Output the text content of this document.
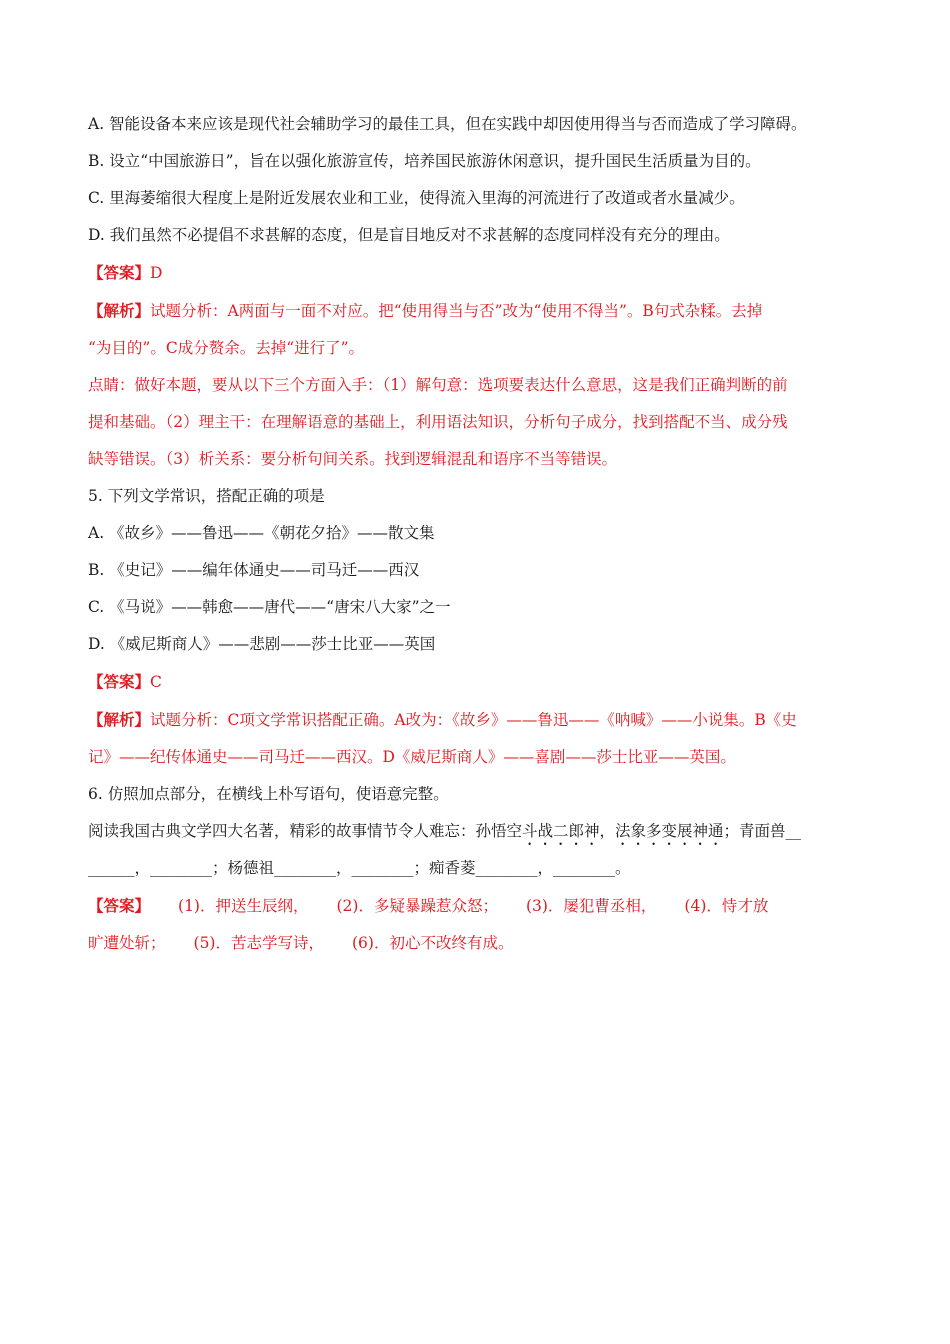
A. 智能设备本来应该是现代社会辅助学习的最佳工具，但在实践中却因使用得当与否而造成了学习障碍。
B. 设立“中国旅游日”，旨在以强化旅游宣传，培养国民旅游休闲意识，提升国民生活质量为目的。
C. 里海萎缩很大程度上是附近发展农业和工业，使得流入里海的河流进行了改道或者水量减少。
D. 我们虽然不必提倡不求甚解的态度，但是盲目地反对不求甚解的态度同样没有充分的理由。
【答案】D
【解析】试题分析：A两面与一面不对应。把“使用得当与否”改为“使用不得当”。B句式杂糅。去掉
“为目的”。C成分赘余。去掉“进行了”。
点睛：做好本题，要从以下三个方面入手：（1）解句意：选项要表达什么意思，这是我们正确判断的前
提和基础。（2）理主干：在理解语意的基础上，利用语法知识，分析句子成分，找到搭配不当、成分残
缺等错误。（3）析关系：要分析句间关系。找到逻辑混乱和语序不当等错误。
5. 下列文学常识，搭配正确的项是
A. 《故乡》——鲁迅——《朝花夕拾》——散文集
B. 《史记》——编年体通史——司马迁——西汉
C. 《马说》——韩愈——唐代——“唐宋八大家”之一
D. 《威尼斯商人》——悲剧——莎士比亚——英国
【答案】C
【解析】试题分析：C项文学常识搭配正确。A改为：《故乡》——鲁迅——《呐喊》——小说集。B《史
记》——纪传体通史——司马迁——西汉。D《威尼斯商人》——喜剧——莎士比亚——英国。
6. 仿照加点部分，在横线上朴写语句，使语意完整。
阅读我国古典文学四大名著，精彩的故事情节令人难忘：孙悟空斗战二郎神，法象多变展神通；青面兽__
______，________；杨德祖________，________；痴香菱________，________。
【答案】 (1)．押送生辰纲， (2)．多疑暴躁惹众怒； (3)．屡犯曹丞相， (4)．恃才放
旷遭处斩； (5)．苦志学写诗， (6)．初心不改终有成。
